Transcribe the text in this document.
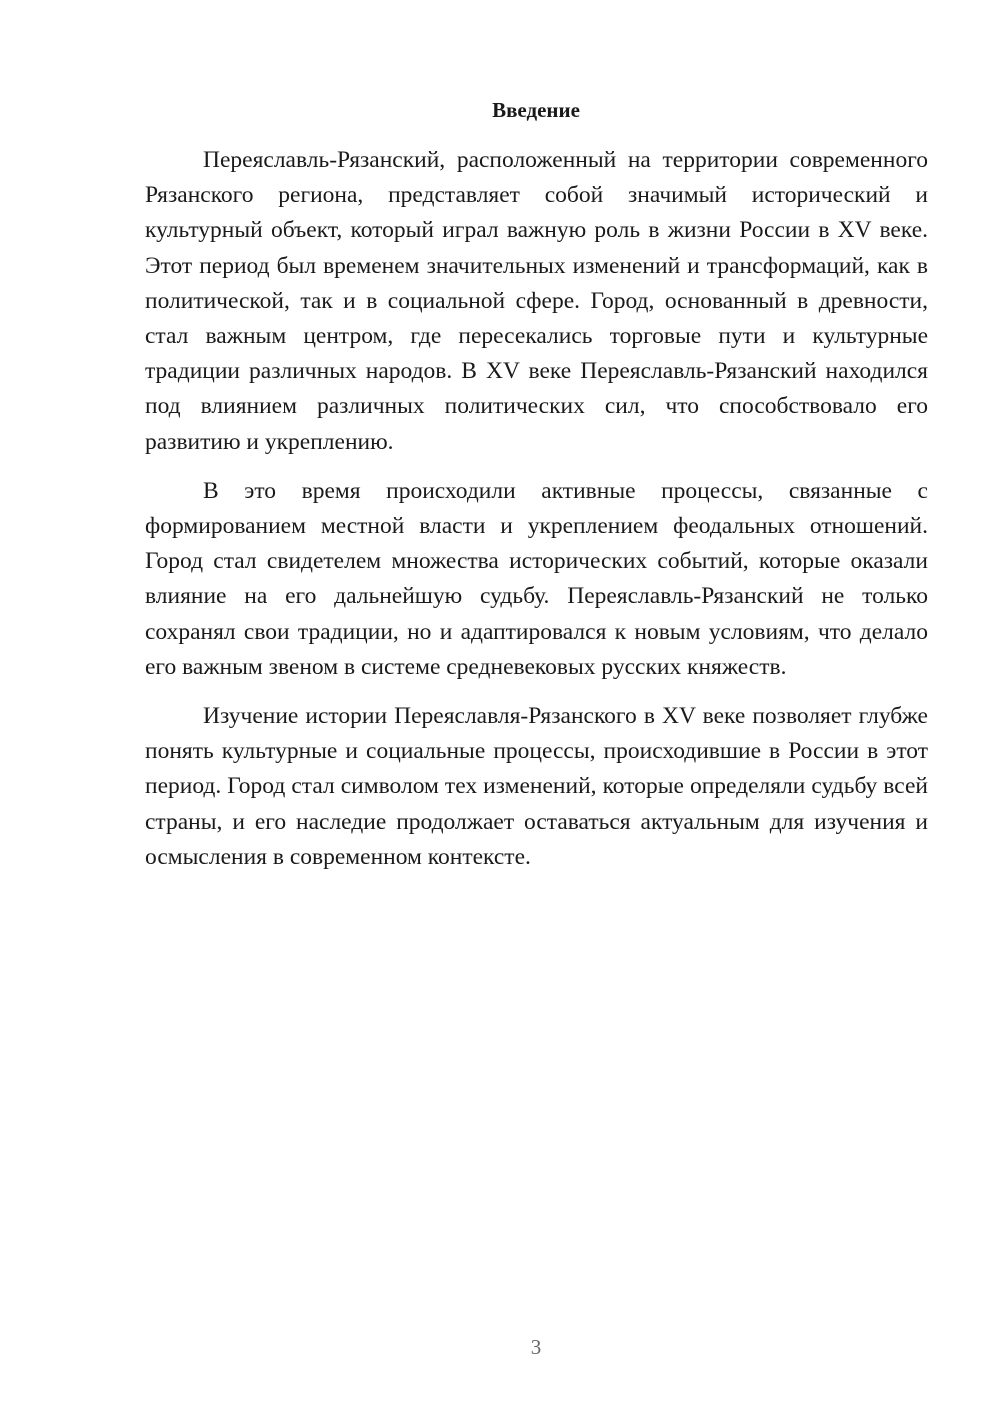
Введение

Переяславль-Рязанский, расположенный на территории современного Рязанского региона, представляет собой значимый исторический и культурный объект, который играл важную роль в жизни России в XV веке. Этот период был временем значительных изменений и трансформаций, как в политической, так и в социальной сфере. Город, основанный в древности, стал важным центром, где пересекались торговые пути и культурные традиции различных народов. В XV веке Переяславль-Рязанский находился под влиянием различных политических сил, что способствовало его развитию и укреплению.

В это время происходили активные процессы, связанные с формированием местной власти и укреплением феодальных отношений. Город стал свидетелем множества исторических событий, которые оказали влияние на его дальнейшую судьбу. Переяславль-Рязанский не только сохранял свои традиции, но и адаптировался к новым условиям, что делало его важным звеном в системе средневековых русских княжеств.

Изучение истории Переяславля-Рязанского в XV веке позволяет глубже понять культурные и социальные процессы, происходившие в России в этот период. Город стал символом тех изменений, которые определяли судьбу всей страны, и его наследие продолжает оставаться актуальным для изучения и осмысления в современном контексте.

3
